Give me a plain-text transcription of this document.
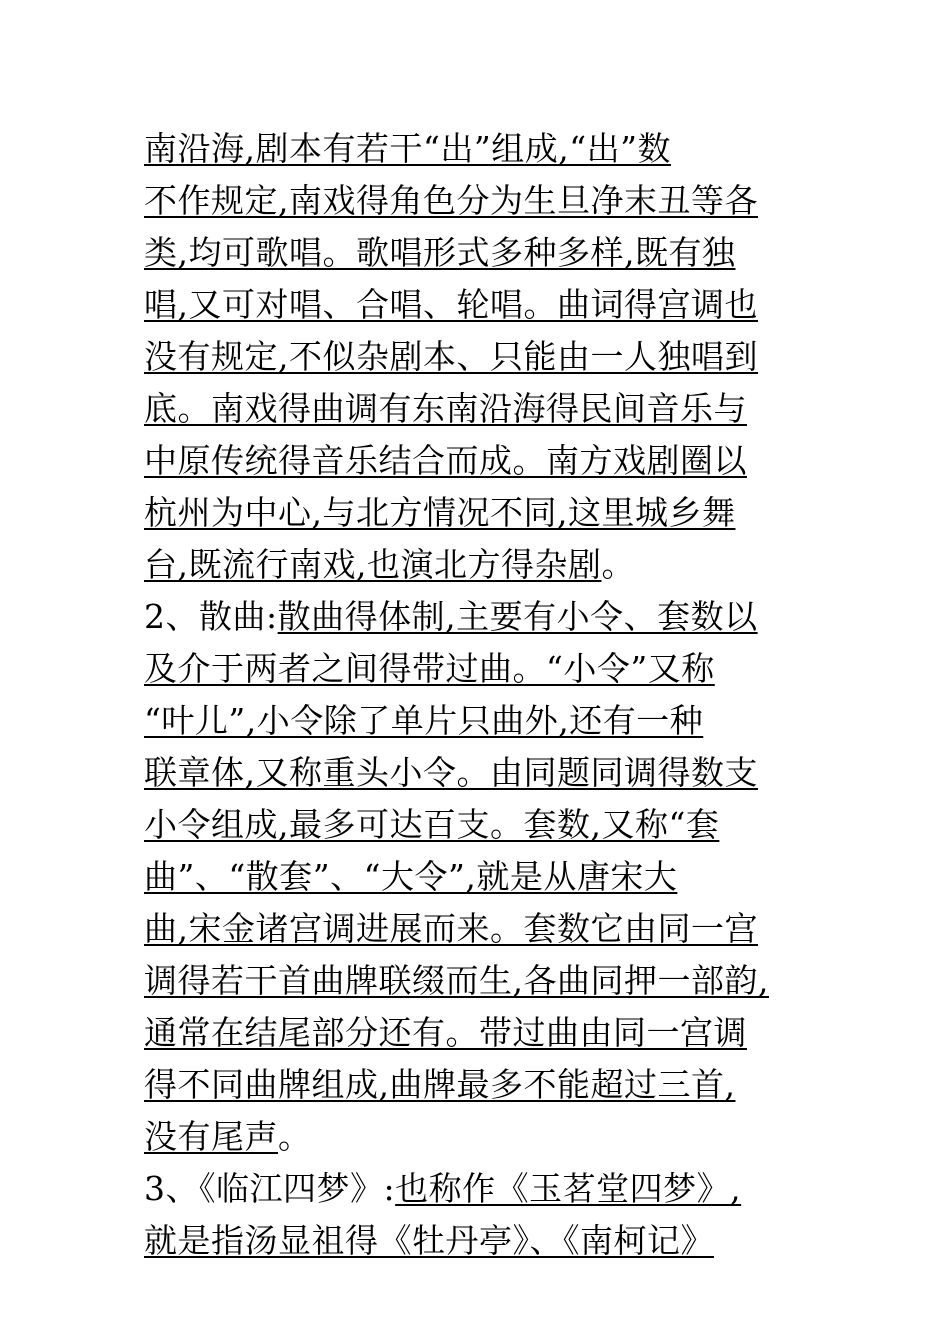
南沿海,剧本有若干“出”组成,“出”数
不作规定,南戏得角色分为生旦净末丑等各
类,均可歌唱。歌唱形式多种多样,既有独
唱,又可对唱、合唱、轮唱。曲词得宫调也
没有规定,不似杂剧本、只能由一人独唱到
底。南戏得曲调有东南沿海得民间音乐与
中原传统得音乐结合而成。南方戏剧圈以
杭州为中心,与北方情况不同,这里城乡舞
台,既流行南戏,也演北方得杂剧。
2、散曲:散曲得体制,主要有小令、套数以
及介于两者之间得带过曲。“小令”又称
“叶儿”,小令除了单片只曲外,还有一种
联章体,又称重头小令。由同题同调得数支
小令组成,最多可达百支。套数,又称“套
曲”、“散套”、“大令”,就是从唐宋大
曲,宋金诸宫调进展而来。套数它由同一宫
调得若干首曲牌联缀而生,各曲同押一部韵,
通常在结尾部分还有。带过曲由同一宫调
得不同曲牌组成,曲牌最多不能超过三首,
没有尾声。
3、《临江四梦》:也称作《玉茗堂四梦》,
就是指汤显祖得《牡丹亭》、《南柯记》
